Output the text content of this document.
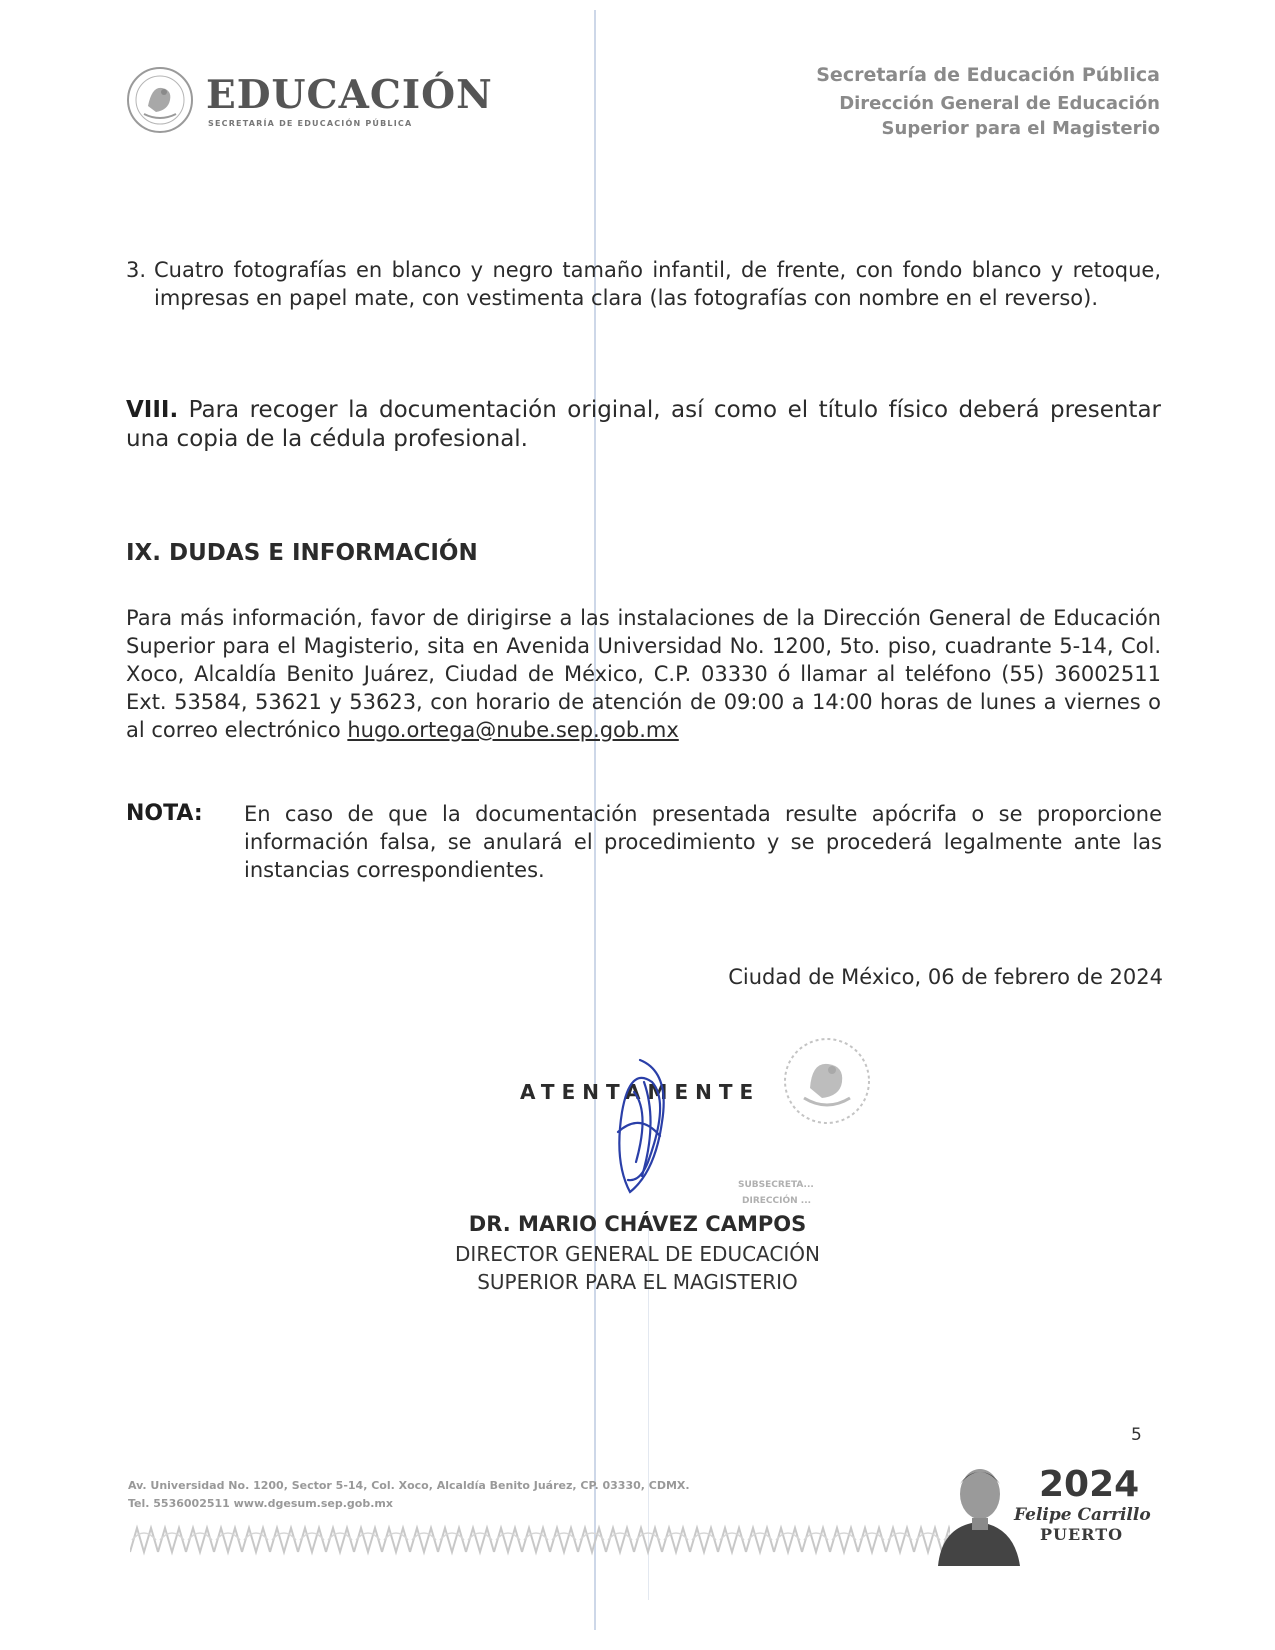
EDUCACIÓN
SECRETARÍA DE EDUCACIÓN PÚBLICA
Secretaría de Educación Pública
Dirección General de Educación
Superior para el Magisterio
3. Cuatro fotografías en blanco y negro tamaño infantil, de frente, con fondo blanco y retoque, impresas en papel mate, con vestimenta clara (las fotografías con nombre en el reverso).
VIII. Para recoger la documentación original, así como el título físico deberá presentar una copia de la cédula profesional.
IX. DUDAS E INFORMACIÓN
Para más información, favor de dirigirse a las instalaciones de la Dirección General de Educación Superior para el Magisterio, sita en Avenida Universidad No. 1200, 5to. piso, cuadrante 5-14, Col. Xoco, Alcaldía Benito Juárez, Ciudad de México, C.P. 03330 ó llamar al teléfono (55) 36002511 Ext. 53584, 53621 y 53623, con horario de atención de 09:00 a 14:00 horas de lunes a viernes o al correo electrónico hugo.ortega@nube.sep.gob.mx
NOTA: En caso de que la documentación presentada resulte apócrifa o se proporcione información falsa, se anulará el procedimiento y se procederá legalmente ante las instancias correspondientes.
Ciudad de México, 06 de febrero de 2024
SUBSECRETA...
DIRECCIÓN ...
ATENTAMENTE
DR. MARIO CHÁVEZ CAMPOS
DIRECTOR GENERAL DE EDUCACIÓN
SUPERIOR PARA EL MAGISTERIO
5
Av. Universidad No. 1200, Sector 5-14, Col. Xoco, Alcaldía Benito Juárez, CP. 03330, CDMX.
Tel. 5536002511 www.dgesum.sep.gob.mx	2024
Felipe Carrillo
PUERTO
